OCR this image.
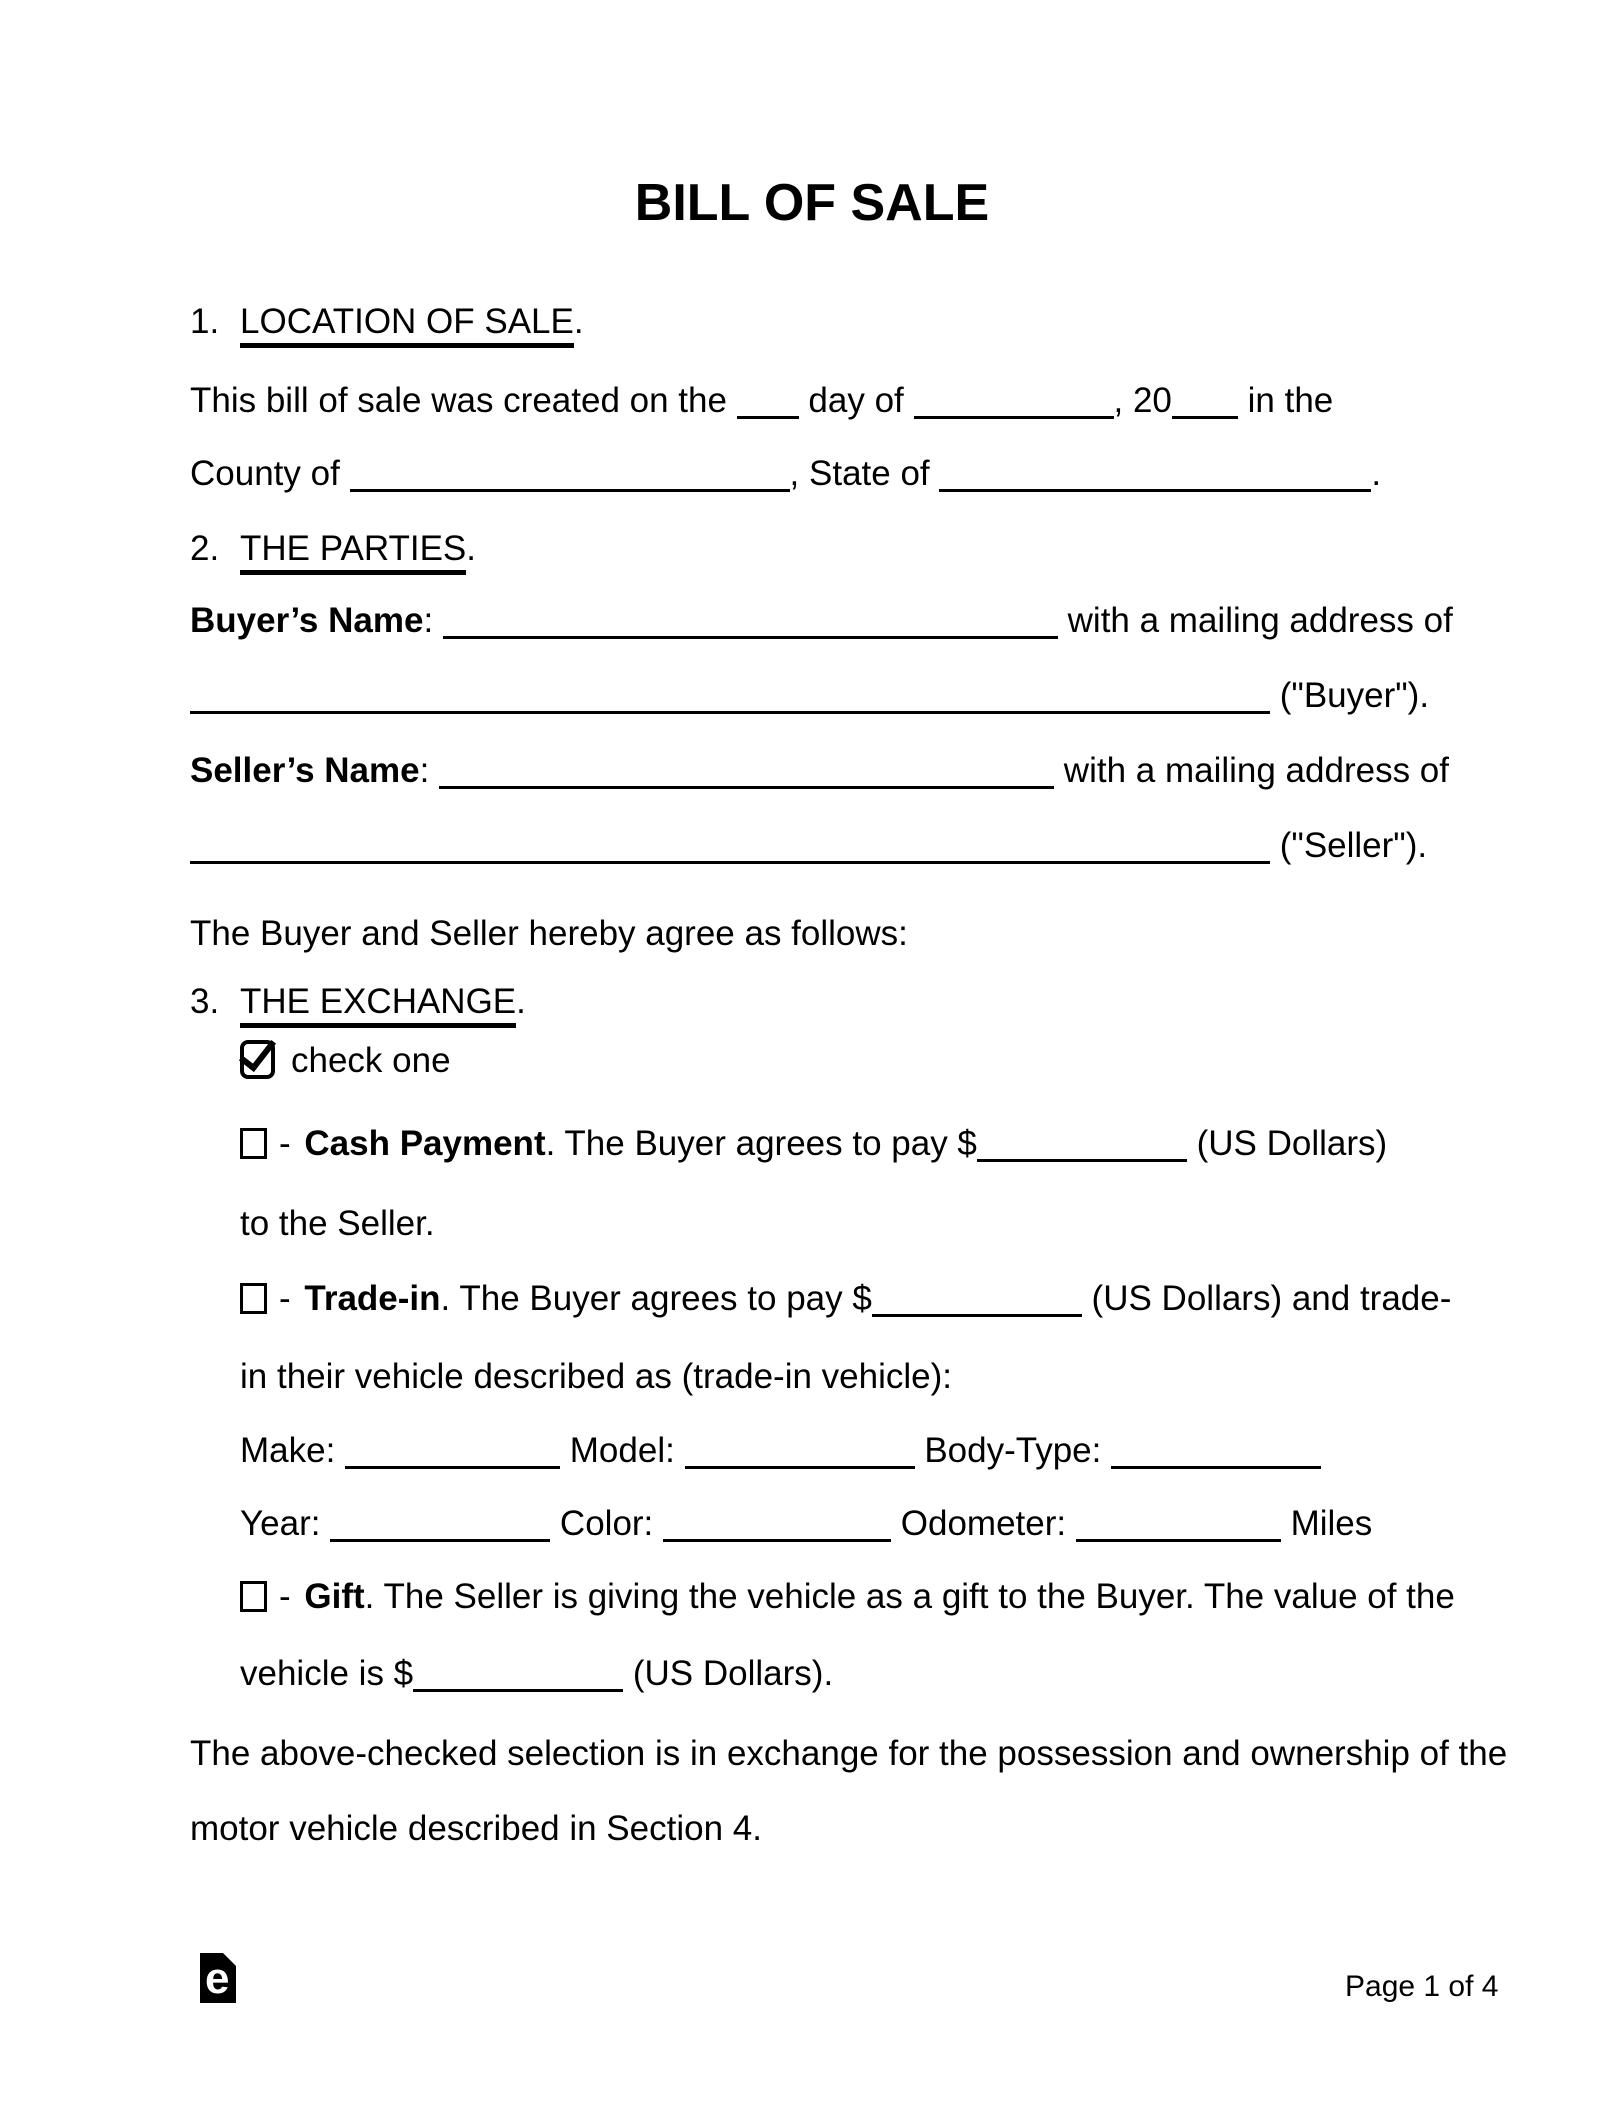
BILL OF SALE
1. LOCATION OF SALE.
This bill of sale was created on the day of	, 20 in the
County of	, State of	.
2. THE PARTIES.
Buyer’s Name:	with a mailing address of
("Buyer").
Seller’s Name:	with a mailing address of
("Seller").
The Buyer and Seller hereby agree as follows:
3. THE EXCHANGE.
check one
- Cash Payment. The Buyer agrees to pay $	(US Dollars)
to the Seller.
- Trade-in. The Buyer agrees to pay $	(US Dollars) and trade-
in their vehicle described as (trade-in vehicle):
Make:	Model:	Body-Type:
Year:	Color:	Odometer:	Miles
- Gift. The Seller is giving the vehicle as a gift to the Buyer. The value of the
vehicle is $	(US Dollars).
The above-checked selection is in exchange for the possession and ownership of the
motor vehicle described in Section 4.
e	Page 1 of 4
